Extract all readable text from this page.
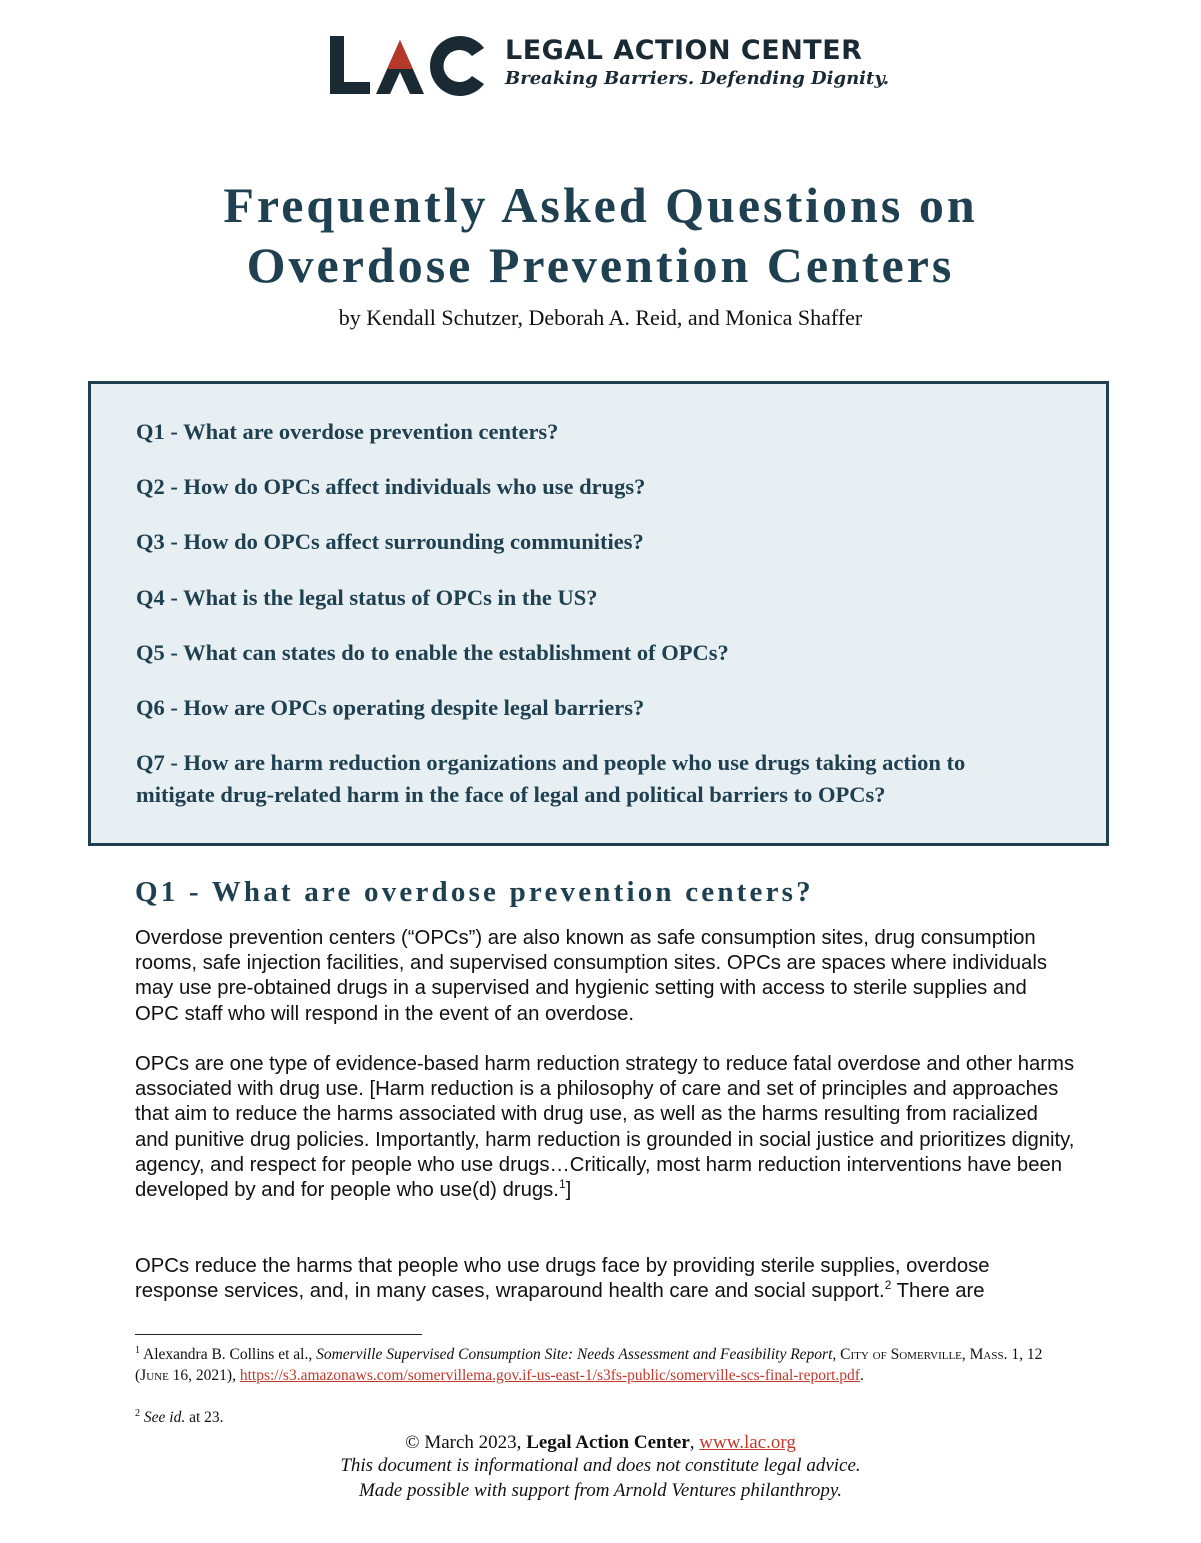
LEGAL ACTION CENTER
Breaking Barriers. Defending Dignity.
Frequently Asked Questions on
Overdose Prevention Centers
by Kendall Schutzer, Deborah A. Reid, and Monica Shaffer
Q1 - What are overdose prevention centers?
Q2 - How do OPCs affect individuals who use drugs?
Q3 - How do OPCs affect surrounding communities?
Q4 - What is the legal status of OPCs in the US?
Q5 - What can states do to enable the establishment of OPCs?
Q6 - How are OPCs operating despite legal barriers?
Q7 - How are harm reduction organizations and people who use drugs taking action to
mitigate drug-related harm in the face of legal and political barriers to OPCs?
Q1 - What are overdose prevention centers?
Overdose prevention centers (“OPCs”) are also known as safe consumption sites, drug consumption rooms, safe injection facilities, and supervised consumption sites. OPCs are spaces where individuals may use pre-obtained drugs in a supervised and hygienic setting with access to sterile supplies and OPC staff who will respond in the event of an overdose.
OPCs are one type of evidence-based harm reduction strategy to reduce fatal overdose and other harms associated with drug use. [Harm reduction is a philosophy of care and set of principles and approaches that aim to reduce the harms associated with drug use, as well as the harms resulting from racialized and punitive drug policies. Importantly, harm reduction is grounded in social justice and prioritizes dignity, agency, and respect for people who use drugs…Critically, most harm reduction interventions have been developed by and for people who use(d) drugs.$^1$]
OPCs reduce the harms that people who use drugs face by providing sterile supplies, overdose response services, and, in many cases, wraparound health care and social support.$^2$ There are
$^1$ Alexandra B. Collins et al., Somerville Supervised Consumption Site: Needs Assessment and Feasibility Report, City of Somerville, Mass. 1, 12 (June 16, 2021), https://s3.amazonaws.com/somervillema.gov.if-us-east-1/s3fs-public/somerville-scs-final-report.pdf.
$^2$ See id. at 23.
© March 2023, Legal Action Center, www.lac.org
This document is informational and does not constitute legal advice.
Made possible with support from Arnold Ventures philanthropy.
